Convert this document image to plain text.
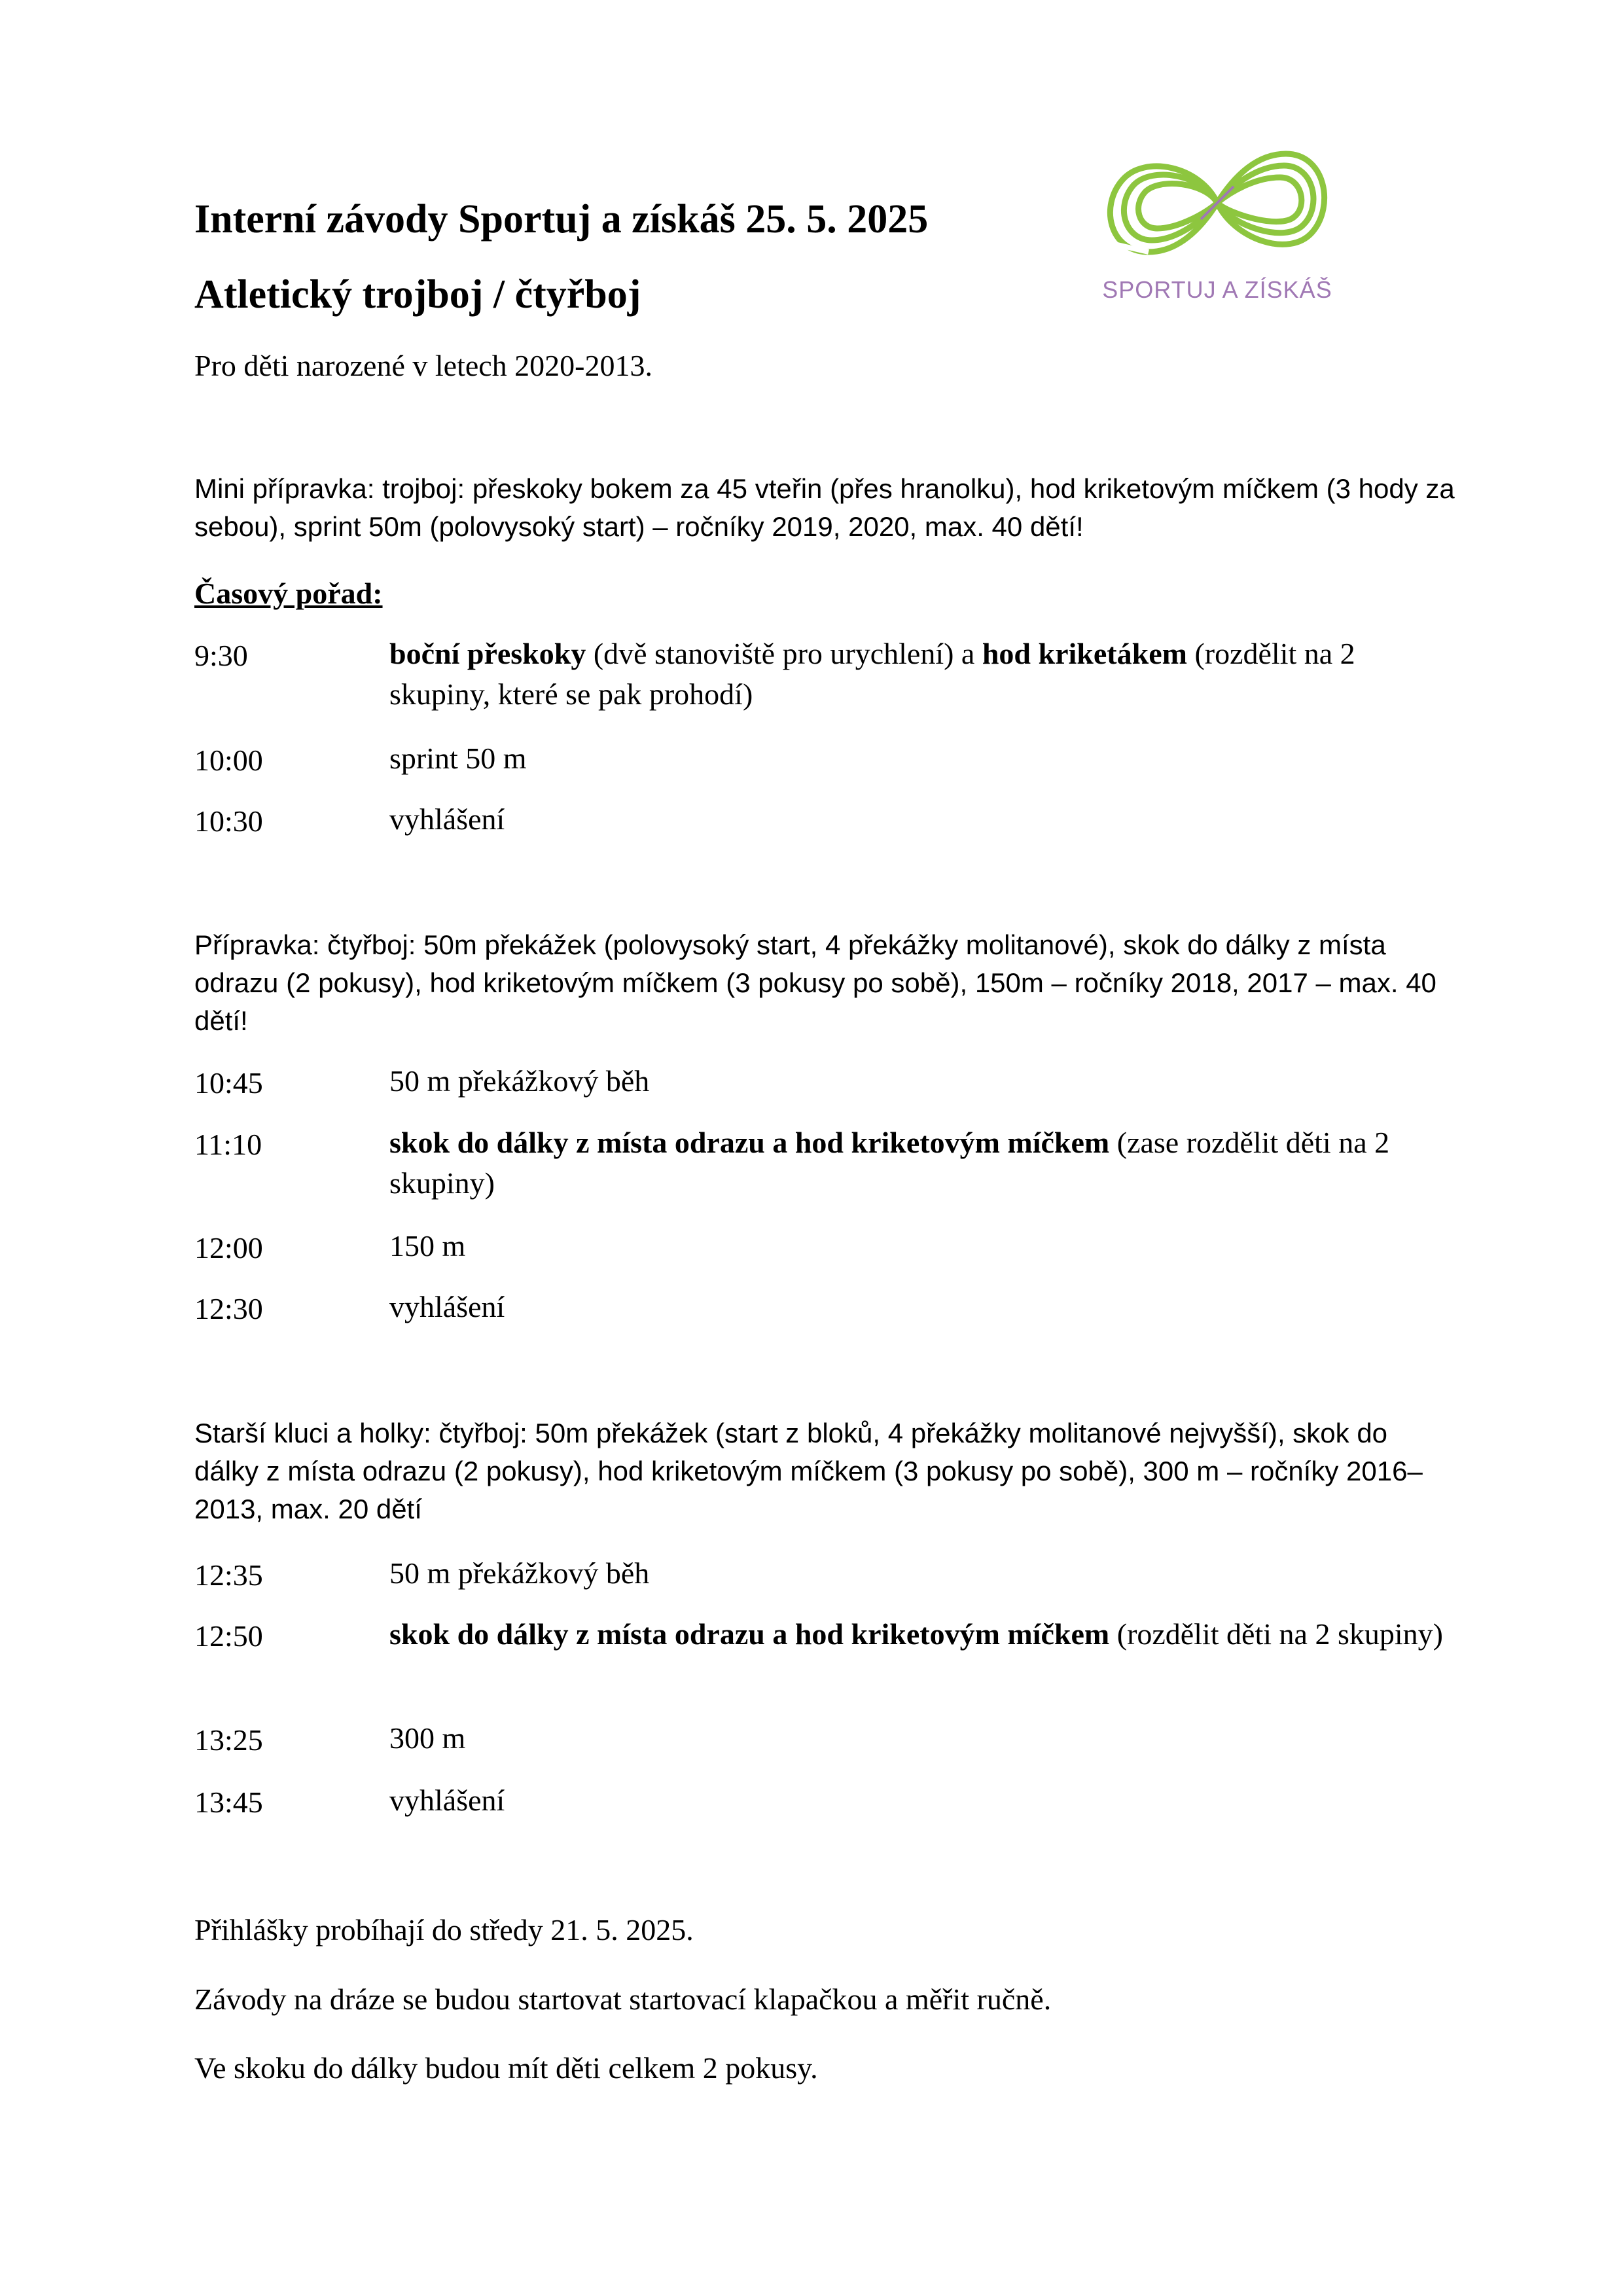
Interní závody Sportuj a získáš 25. 5. 2025
Atletický trojboj / čtyřboj
Pro děti narozené v letech 2020-2013.
SPORTUJ A ZÍSKÁŠ
Mini přípravka: trojboj: přeskoky bokem za 45 vteřin (přes hranolku), hod kriketovým míčkem (3 hody za sebou), sprint 50m (polovysoký start) – ročníky 2019, 2020, max. 40 dětí!
Časový pořad:
9:30	boční přeskoky (dvě stanoviště pro urychlení) a hod kriketákem (rozdělit na 2 skupiny, které se pak prohodí)
10:00	sprint 50 m
10:30	vyhlášení
Přípravka: čtyřboj: 50m překážek (polovysoký start, 4 překážky molitanové), skok do dálky z místa odrazu (2 pokusy), hod kriketovým míčkem (3 pokusy po sobě), 150m – ročníky 2018, 2017 – max. 40 dětí!
10:45	50 m překážkový běh
11:10	skok do dálky z místa odrazu a hod kriketovým míčkem (zase rozdělit děti na 2 skupiny)
12:00	150 m
12:30	vyhlášení
Starší kluci a holky: čtyřboj: 50m překážek (start z bloků, 4 překážky molitanové nejvyšší), skok do dálky z místa odrazu (2 pokusy), hod kriketovým míčkem (3 pokusy po sobě), 300 m – ročníky 2016–2013, max. 20 dětí
12:35	50 m překážkový běh
12:50	skok do dálky z místa odrazu a hod kriketovým míčkem (rozdělit děti na 2 skupiny)
13:25	300 m
13:45	vyhlášení
Přihlášky probíhají do středy 21. 5. 2025.
Závody na dráze se budou startovat startovací klapačkou a měřit ručně.
Ve skoku do dálky budou mít děti celkem 2 pokusy.
